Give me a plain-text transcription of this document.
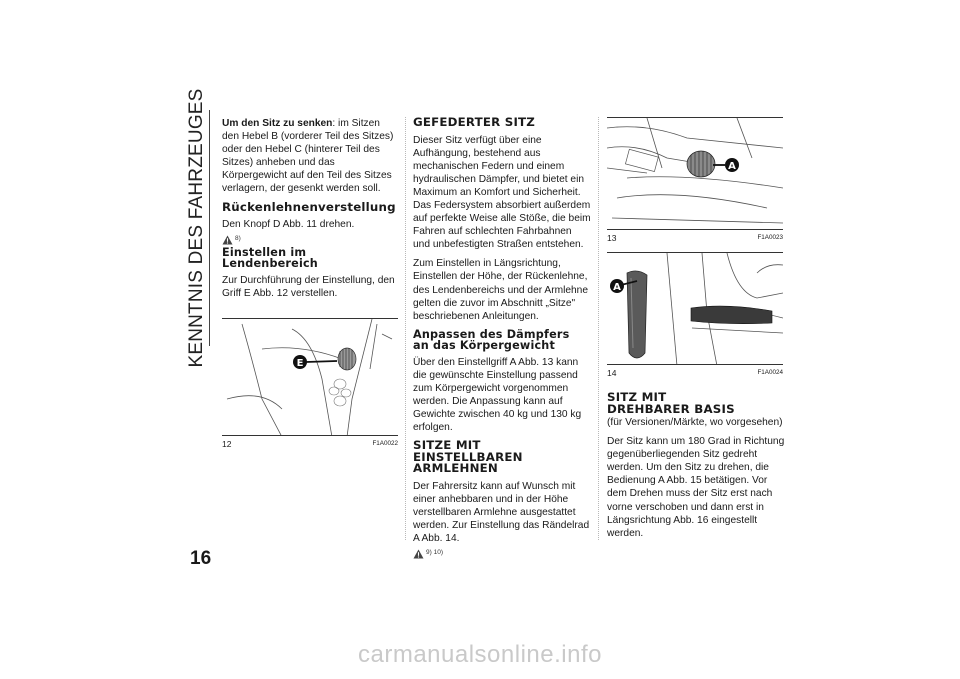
KENNTNIS DES FAHRZEUGES Um den Sitz zu senken: im Sitzen den Hebel B (vorderer Teil des Sitzes) oder den Hebel C (hinterer Teil des Sitzes) anheben und das Körpergewicht auf den Teil des Sitzes verlagern, der gesenkt werden soll.

Rückenlehnenverstellung

Den Knopf D Abb. 11 drehen.

8)
Einstellen im Lendenbereich

Zur Durchführung der Einstellung, den Griff E Abb. 12 verstellen.

E
12	F1A0022
GEFEDERTER SITZ

Dieser Sitz verfügt über eine Aufhängung, bestehend aus mechanischen Federn und einem hydraulischen Dämpfer, und bietet ein Maximum an Komfort und Sicherheit. Das Federsystem absorbiert außerdem auf perfekte Weise alle Stöße, die beim Fahren auf schlechten Fahrbahnen und unbefestigten Straßen entstehen.

Zum Einstellen in Längsrichtung, Einstellen der Höhe, der Rückenlehne, des Lendenbereichs und der Armlehne gelten die zuvor im Abschnitt „Sitze" beschriebenen Anleitungen.

Anpassen des Dämpfers an das Körpergewicht

Über den Einstellgriff A Abb. 13 kann die gewünschte Einstellung passend zum Körpergewicht vorgenommen werden. Die Anpassung kann auf Gewichte zwischen 40 kg und 130 kg erfolgen.

SITZE MIT EINSTELLBAREN ARMLEHNEN

Der Fahrersitz kann auf Wunsch mit einer anhebbaren und in der Höhe verstellbaren Armlehne ausgestattet werden. Zur Einstellung das Rändelrad A Abb. 14.

9) 10)
A
13	F1A0023
A
14	F1A0024
SITZ MIT DREHBARER BASIS

(für Versionen/Märkte, wo vorgesehen)

Der Sitz kann um 180 Grad in Richtung gegenüberliegenden Sitz gedreht werden. Um den Sitz zu drehen, die Bedienung A Abb. 15 betätigen. Vor dem Drehen muss der Sitz erst nach vorne verschoben und dann erst in Längsrichtung Abb. 16 eingestellt werden.

16
carmanualsonline.info
